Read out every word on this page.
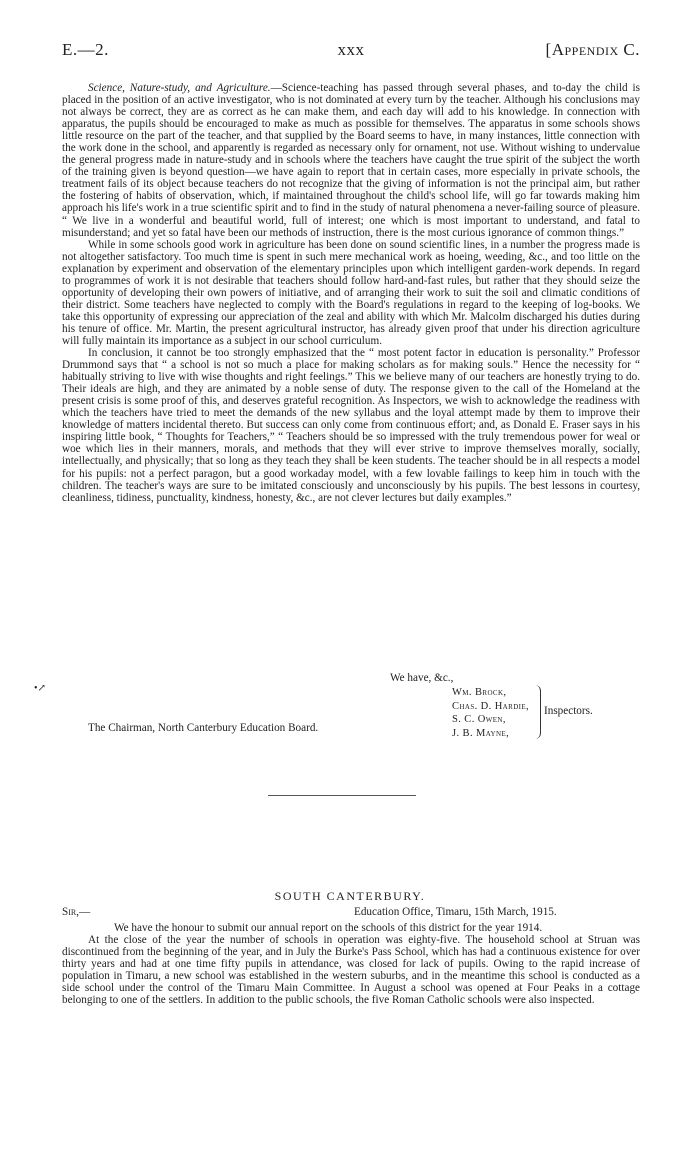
E.—2.	xxx	[Appendix C.

Science, Nature-study, and Agriculture.—Science-teaching has passed through several phases, and to-day the child is placed in the position of an active investigator, who is not dominated at every turn by the teacher. Although his conclusions may not always be correct, they are as correct as he can make them, and each day will add to his knowledge. In connection with apparatus, the pupils should be encouraged to make as much as possible for themselves. The apparatus in some schools shows little resource on the part of the teacher, and that supplied by the Board seems to have, in many instances, little connection with the work done in the school, and apparently is regarded as necessary only for ornament, not use. Without wishing to undervalue the general progress made in nature-study and in schools where the teachers have caught the true spirit of the subject the worth of the training given is beyond question—we have again to report that in certain cases, more especially in private schools, the treatment fails of its object because teachers do not recognize that the giving of information is not the principal aim, but rather the fostering of habits of observation, which, if maintained throughout the child's school life, will go far towards making him approach his life's work in a true scientific spirit and to find in the study of natural phenomena a never-failing source of pleasure. “ We live in a wonderful and beautiful world, full of interest; one which is most important to understand, and fatal to misunderstand; and yet so fatal have been our methods of instruction, there is the most curious ignorance of common things.”

While in some schools good work in agriculture has been done on sound scientific lines, in a number the progress made is not altogether satisfactory. Too much time is spent in such mere mechanical work as hoeing, weeding, &c., and too little on the explanation by experiment and observation of the elementary principles upon which intelligent garden-work depends. In regard to programmes of work it is not desirable that teachers should follow hard-and-fast rules, but rather that they should seize the opportunity of developing their own powers of initiative, and of arranging their work to suit the soil and climatic conditions of their district. Some teachers have neglected to comply with the Board's regulations in regard to the keeping of log-books. We take this opportunity of expressing our appreciation of the zeal and ability with which Mr. Malcolm discharged his duties during his tenure of office. Mr. Martin, the present agricultural instructor, has already given proof that under his direction agriculture will fully maintain its importance as a subject in our school curriculum.

In conclusion, it cannot be too strongly emphasized that the “ most potent factor in education is personality.” Professor Drummond says that “ a school is not so much a place for making scholars as for making souls.” Hence the necessity for “ habitually striving to live with wise thoughts and right feelings.” This we believe many of our teachers are honestly trying to do. Their ideals are high, and they are animated by a noble sense of duty. The response given to the call of the Homeland at the present crisis is some proof of this, and deserves grateful recognition. As Inspectors, we wish to acknowledge the readiness with which the teachers have tried to meet the demands of the new syllabus and the loyal attempt made by them to improve their knowledge of matters incidental thereto. But success can only come from continuous effort; and, as Donald E. Fraser says in his inspiring little book, “ Thoughts for Teachers,” “ Teachers should be so impressed with the truly tremendous power for weal or woe which lies in their manners, morals, and methods that they will ever strive to improve themselves morally, socially, intellectually, and physically; that so long as they teach they shall be keen students. The teacher should be in all respects a model for his pupils: not a perfect paragon, but a good workaday model, with a few lovable failings to keep him in touch with the children. The teacher's ways are sure to be imitated consciously and unconsciously by his pupils. The best lessons in courtesy, cleanliness, tidiness, punctuality, kindness, honesty, &c., are not clever lectures but daily examples.”

•↗
We have, &c.,
Wm. Brock,
Chas. D. Hardie,
S. C. Owen,
J. B. Mayne,
Inspectors.
The Chairman, North Canterbury Education Board.
SOUTH CANTERBURY.
Sir,—	Education Office, Timaru, 15th March, 1915.

We have the honour to submit our annual report on the schools of this district for the year 1914.

At the close of the year the number of schools in operation was eighty-five. The household school at Struan was discontinued from the beginning of the year, and in July the Burke's Pass School, which has had a continuous existence for over thirty years and had at one time fifty pupils in attendance, was closed for lack of pupils. Owing to the rapid increase of population in Timaru, a new school was established in the western suburbs, and in the meantime this school is conducted as a side school under the control of the Timaru Main Committee. In August a school was opened at Four Peaks in a cottage belonging to one of the settlers. In addition to the public schools, the five Roman Catholic schools were also inspected.
